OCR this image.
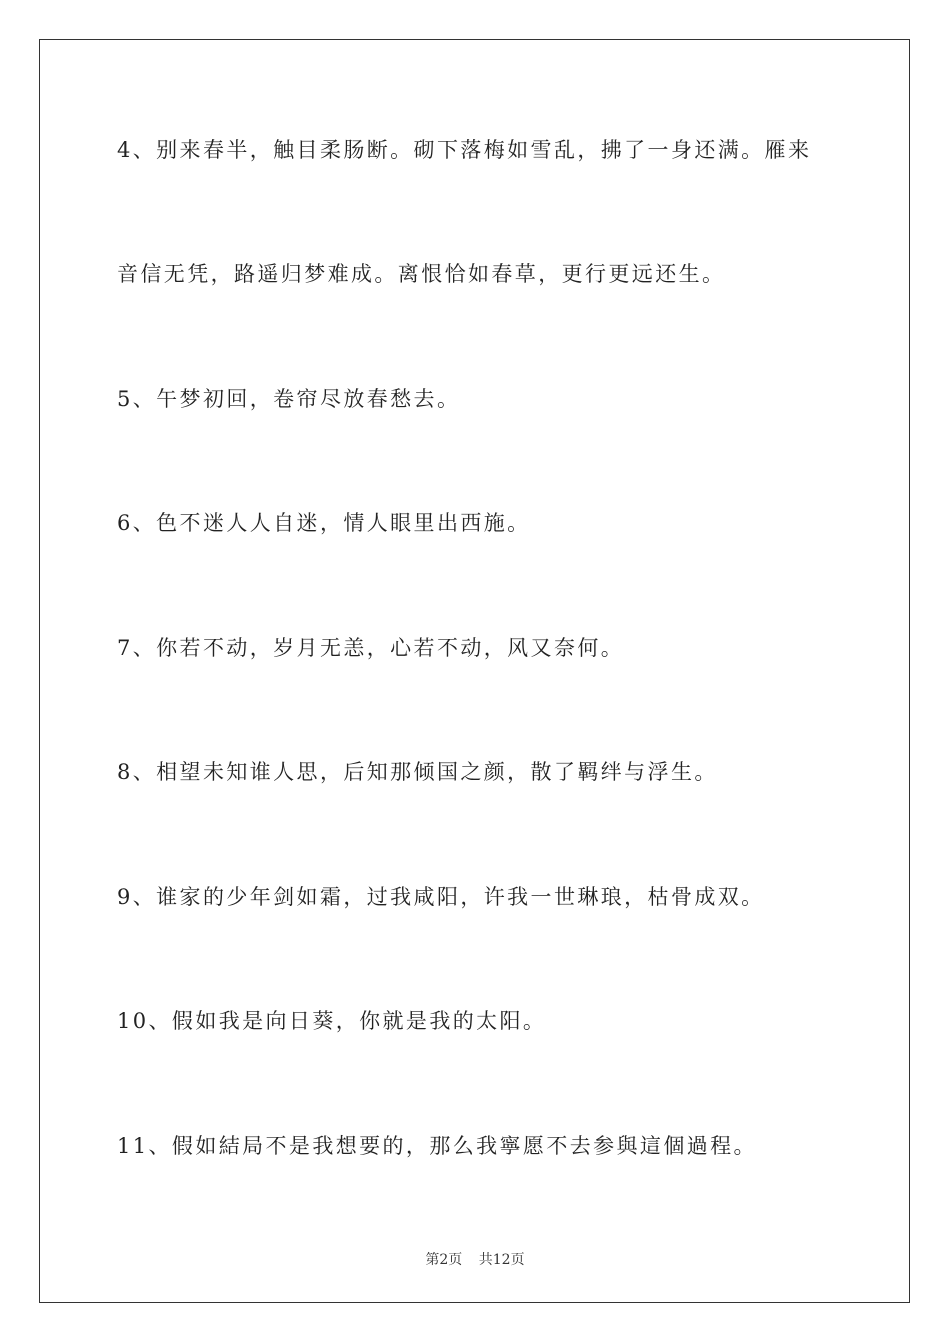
4、别来春半，触目柔肠断。砌下落梅如雪乱，拂了一身还满。雁来
音信无凭，路遥归梦难成。离恨恰如春草，更行更远还生。
5、午梦初回，卷帘尽放春愁去。
6、色不迷人人自迷，情人眼里出西施。
7、你若不动，岁月无恙，心若不动，风又奈何。
8、相望未知谁人思，后知那倾国之颜，散了羁绊与浮生。
9、谁家的少年剑如霜，过我咸阳，许我一世琳琅，枯骨成双。
10、假如我是向日葵，你就是我的太阳。
11、假如結局不是我想要的，那么我寧愿不去参與這個過程。
第2页 共12页
